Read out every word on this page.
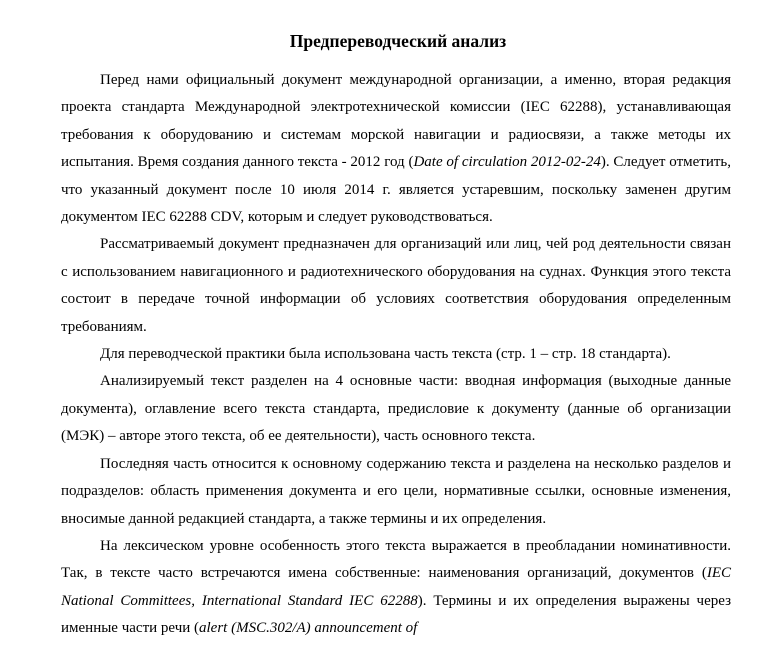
Предпереводческий анализ

Перед нами официальный документ международной организации, а именно, вторая редакция проекта стандарта Международной электротехнической комиссии (IEC 62288), устанавливающая требования к оборудованию и системам морской навигации и радиосвязи, а также методы их испытания. Время создания данного текста - 2012 год (Date of circulation 2012-02-24). Следует отметить, что указанный документ после 10 июля 2014 г. является устаревшим, поскольку заменен другим документом IEC 62288 CDV, которым и следует руководствоваться.

Рассматриваемый документ предназначен для организаций или лиц, чей род деятельности связан с использованием навигационного и радиотехнического оборудования на суднах. Функция этого текста состоит в передаче точной информации об условиях соответствия оборудования определенным требованиям.

Для переводческой практики была использована часть текста (стр. 1 – стр. 18 стандарта).

Анализируемый текст разделен на 4 основные части: вводная информация (выходные данные документа), оглавление всего текста стандарта, предисловие к документу (данные об организации (МЭК) – авторе этого текста, об ее деятельности), часть основного текста.

Последняя часть относится к основному содержанию текста и разделена на несколько разделов и подразделов: область применения документа и его цели, нормативные ссылки, основные изменения, вносимые данной редакцией стандарта, а также термины и их определения.

На лексическом уровне особенность этого текста выражается в преобладании номинативности. Так, в тексте часто встречаются имена собственные: наименования организаций, документов (IEC National Committees, International Standard IEC 62288). Термины и их определения выражены через именные части речи (alert (MSC.302/A) announcement of
